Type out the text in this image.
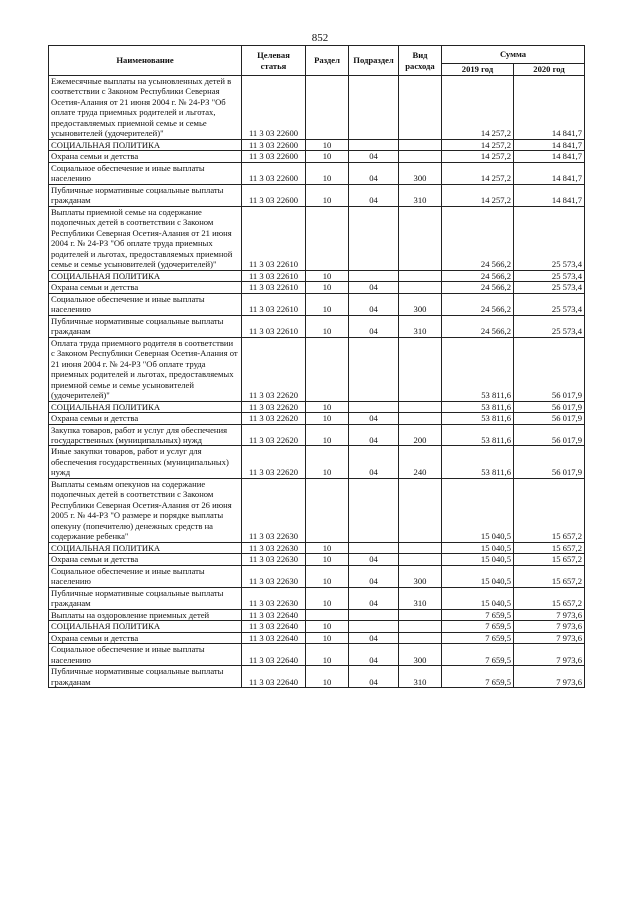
852
Наименование	Целевая статья	Раздел	Подраздел	Вид расхода	Сумма	
					2019 год	2020 год
Ежемесячные выплаты на усыновленных детей в соответствии с Законом Республики Северная Осетия-Алания от 21 июня 2004 г. № 24-РЗ "Об оплате труда приемных родителей и льготах, предоставляемых приемной семье и семье усыновителей (удочерителей)"	11 3 03 22600				14 257,2	14 841,7
СОЦИАЛЬНАЯ ПОЛИТИКА	11 3 03 22600	10			14 257,2	14 841,7
Охрана семьи и детства	11 3 03 22600	10	04		14 257,2	14 841,7
Социальное обеспечение и иные выплаты населению	11 3 03 22600	10	04	300	14 257,2	14 841,7
Публичные нормативные социальные выплаты гражданам	11 3 03 22600	10	04	310	14 257,2	14 841,7
Выплаты приемной семье на содержание подопечных детей в соответствии с Законом Республики Северная Осетия-Алания от 21 июня 2004 г. № 24-РЗ "Об оплате труда приемных родителей и льготах, предоставляемых приемной семье и семье усыновителей (удочерителей)"	11 3 03 22610				24 566,2	25 573,4
СОЦИАЛЬНАЯ ПОЛИТИКА	11 3 03 22610	10			24 566,2	25 573,4
Охрана семьи и детства	11 3 03 22610	10	04		24 566,2	25 573,4
Социальное обеспечение и иные выплаты населению	11 3 03 22610	10	04	300	24 566,2	25 573,4
Публичные нормативные социальные выплаты гражданам	11 3 03 22610	10	04	310	24 566,2	25 573,4
Оплата труда приемного родителя в соответствии с Законом Республики Северная Осетия-Алания от 21 июня 2004 г. № 24-РЗ "Об оплате труда приемных родителей и льготах, предоставляемых приемной семье и семье усыновителей (удочерителей)"	11 3 03 22620				53 811,6	56 017,9
СОЦИАЛЬНАЯ ПОЛИТИКА	11 3 03 22620	10			53 811,6	56 017,9
Охрана семьи и детства	11 3 03 22620	10	04		53 811,6	56 017,9
Закупка товаров, работ и услуг для обеспечения государственных (муниципальных) нужд	11 3 03 22620	10	04	200	53 811,6	56 017,9
Иные закупки товаров, работ и услуг для обеспечения государственных (муниципальных) нужд	11 3 03 22620	10	04	240	53 811,6	56 017,9
Выплаты семьям опекунов на содержание подопечных детей в соответствии с Законом Республики Северная Осетия-Алания от 26 июня 2005 г. № 44-РЗ "О размере и порядке выплаты опекуну (попечителю) денежных средств на содержание ребенка"	11 3 03 22630				15 040,5	15 657,2
СОЦИАЛЬНАЯ ПОЛИТИКА	11 3 03 22630	10			15 040,5	15 657,2
Охрана семьи и детства	11 3 03 22630	10	04		15 040,5	15 657,2
Социальное обеспечение и иные выплаты населению	11 3 03 22630	10	04	300	15 040,5	15 657,2
Публичные нормативные социальные выплаты гражданам	11 3 03 22630	10	04	310	15 040,5	15 657,2
Выплаты на оздоровление приемных детей	11 3 03 22640				7 659,5	7 973,6
СОЦИАЛЬНАЯ ПОЛИТИКА	11 3 03 22640	10			7 659,5	7 973,6
Охрана семьи и детства	11 3 03 22640	10	04		7 659,5	7 973,6
Социальное обеспечение и иные выплаты населению	11 3 03 22640	10	04	300	7 659,5	7 973,6
Публичные нормативные социальные выплаты гражданам	11 3 03 22640	10	04	310	7 659,5	7 973,6
